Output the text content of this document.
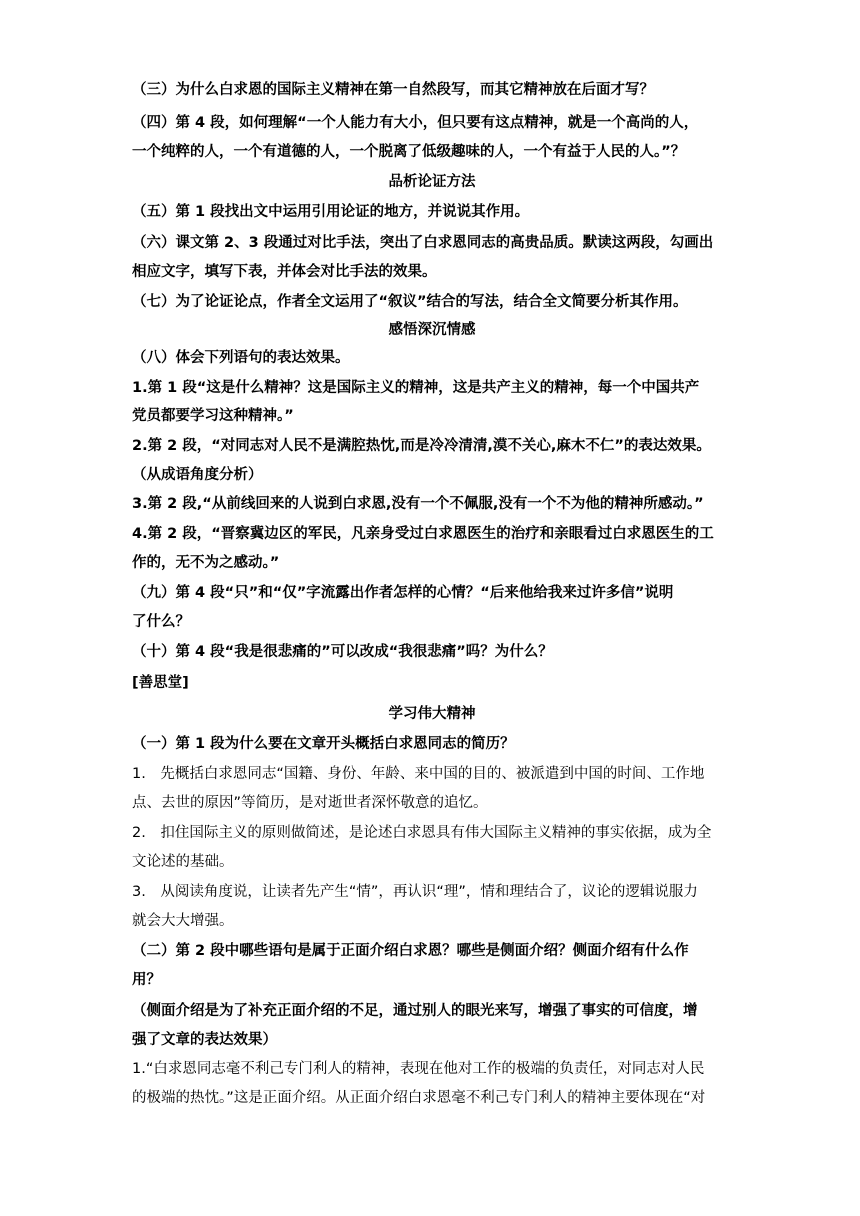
（三）为什么白求恩的国际主义精神在第一自然段写，而其它精神放在后面才写？
（四）第 4 段，如何理解“一个人能力有大小，但只要有这点精神，就是一个高尚的人，
一个纯粹的人，一个有道德的人，一个脱离了低级趣味的人，一个有益于人民的人。”？
品析论证方法
（五）第 1 段找出文中运用引用论证的地方，并说说其作用。
（六）课文第 2、3 段通过对比手法，突出了白求恩同志的高贵品质。默读这两段，勾画出
相应文字，填写下表，并体会对比手法的效果。
（七）为了论证论点，作者全文运用了“叙议”结合的写法，结合全文简要分析其作用。
感悟深沉情感
（八）体会下列语句的表达效果。
1.第 1 段“这是什么精神？这是国际主义的精神，这是共产主义的精神，每一个中国共产
党员都要学习这种精神。”
2.第 2 段，“对同志对人民不是满腔热忱,而是冷冷清清,漠不关心,麻木不仁”的表达效果。
（从成语角度分析）
3.第 2 段,“从前线回来的人说到白求恩,没有一个不佩服,没有一个不为他的精神所感动。”
4.第 2 段，“晋察冀边区的军民，凡亲身受过白求恩医生的治疗和亲眼看过白求恩医生的工
作的，无不为之感动。”
（九）第 4 段“只”和“仅”字流露出作者怎样的心情？“后来他给我来过许多信”说明
了什么？
（十）第 4 段“我是很悲痛的”可以改成“我很悲痛”吗？为什么？
[善思堂]
学习伟大精神
（一）第 1 段为什么要在文章开头概括白求恩同志的简历？
1.　先概括白求恩同志“国籍、身份、年龄、来中国的目的、被派遣到中国的时间、工作地
点、去世的原因”等简历，是对逝世者深怀敬意的追忆。
2.　扣住国际主义的原则做简述，是论述白求恩具有伟大国际主义精神的事实依据，成为全
文论述的基础。
3.　从阅读角度说，让读者先产生“情”，再认识“理”，情和理结合了，议论的逻辑说服力
就会大大增强。
（二）第 2 段中哪些语句是属于正面介绍白求恩？哪些是侧面介绍？侧面介绍有什么作
用？
（侧面介绍是为了补充正面介绍的不足，通过别人的眼光来写，增强了事实的可信度，增
强了文章的表达效果）
1.“白求恩同志毫不利己专门利人的精神，表现在他对工作的极端的负责任，对同志对人民
的极端的热忱。”这是正面介绍。从正面介绍白求恩毫不利己专门利人的精神主要体现在“对
